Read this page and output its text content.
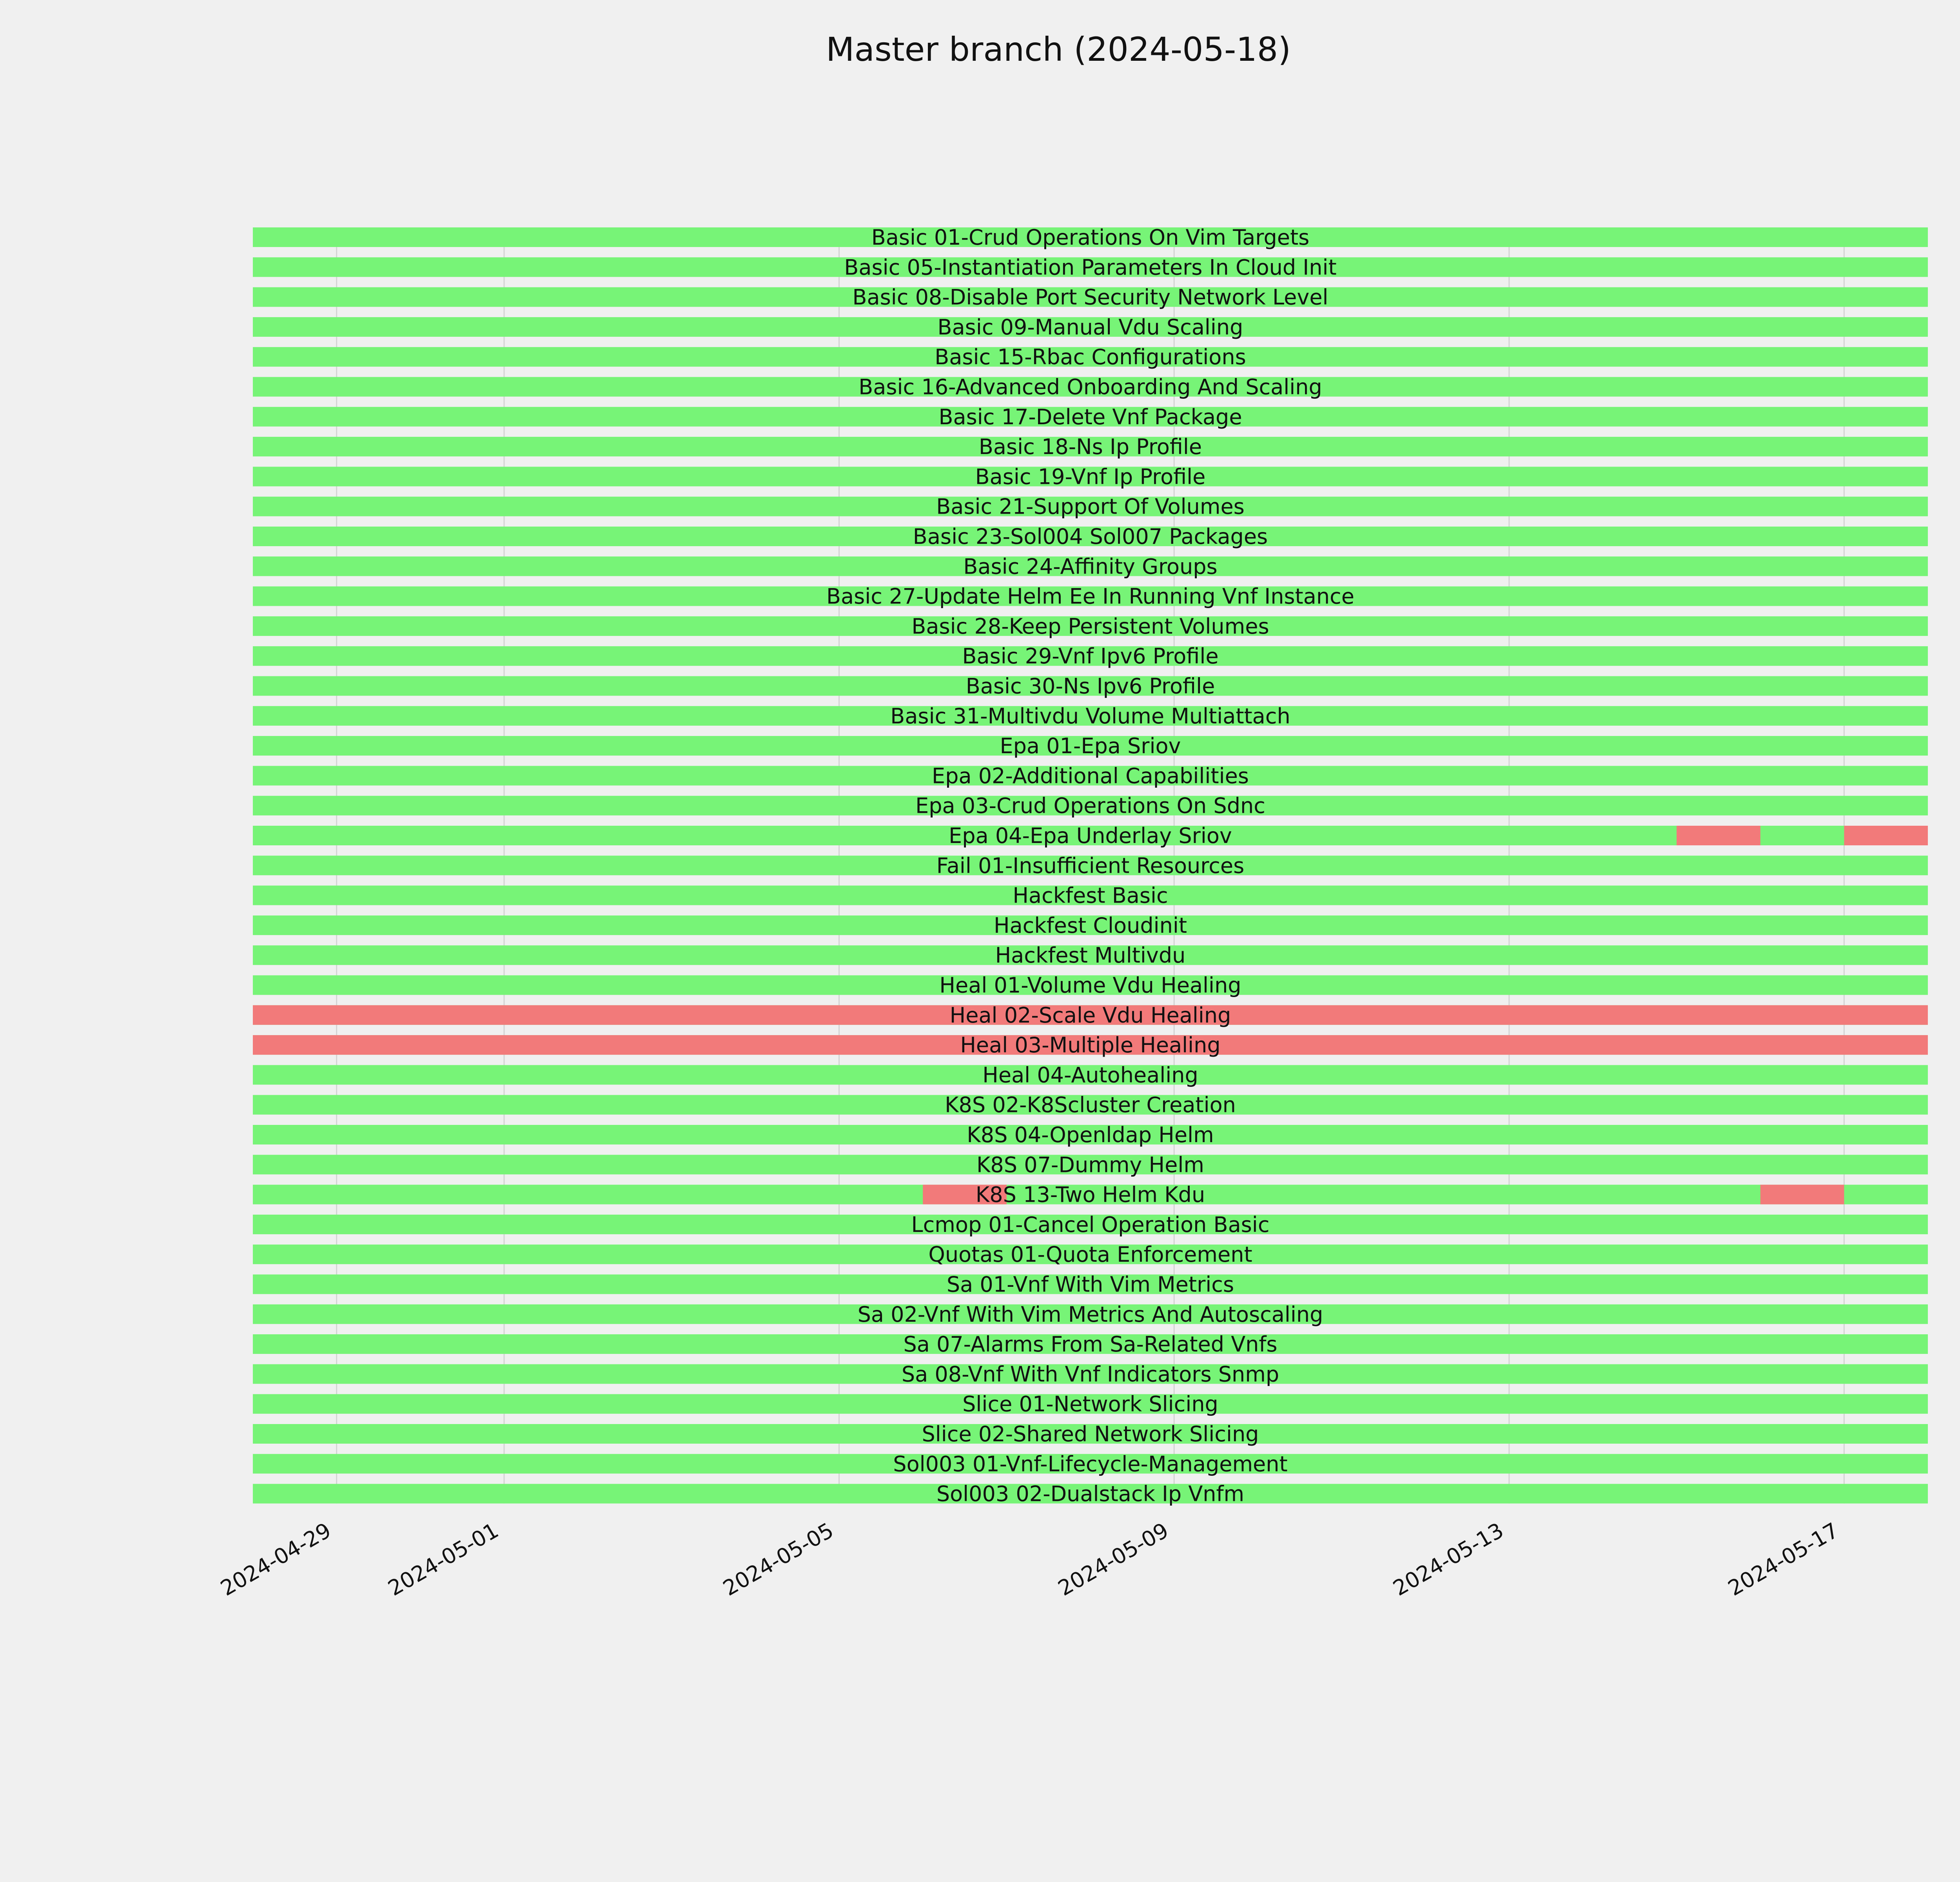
Master branch (2024-05-18)
Basic 01-Crud Operations On Vim Targets
Basic 05-Instantiation Parameters In Cloud Init
Basic 08-Disable Port Security Network Level
Basic 09-Manual Vdu Scaling
Basic 15-Rbac Configurations
Basic 16-Advanced Onboarding And Scaling
Basic 17-Delete Vnf Package
Basic 18-Ns Ip Profile
Basic 19-Vnf Ip Profile
Basic 21-Support Of Volumes
Basic 23-Sol004 Sol007 Packages
Basic 24-Affinity Groups
Basic 27-Update Helm Ee In Running Vnf Instance
Basic 28-Keep Persistent Volumes
Basic 29-Vnf Ipv6 Profile
Basic 30-Ns Ipv6 Profile
Basic 31-Multivdu Volume Multiattach
Epa 01-Epa Sriov
Epa 02-Additional Capabilities
Epa 03-Crud Operations On Sdnc
Epa 04-Epa Underlay Sriov
Fail 01-Insufficient Resources
Hackfest Basic
Hackfest Cloudinit
Hackfest Multivdu
Heal 01-Volume Vdu Healing
Heal 02-Scale Vdu Healing
Heal 03-Multiple Healing
Heal 04-Autohealing
K8S 02-K8Scluster Creation
K8S 04-Openldap Helm
K8S 07-Dummy Helm
K8S 13-Two Helm Kdu
Lcmop 01-Cancel Operation Basic
Quotas 01-Quota Enforcement
Sa 01-Vnf With Vim Metrics
Sa 02-Vnf With Vim Metrics And Autoscaling
Sa 07-Alarms From Sa-Related Vnfs
Sa 08-Vnf With Vnf Indicators Snmp
Slice 01-Network Slicing
Slice 02-Shared Network Slicing
Sol003 01-Vnf-Lifecycle-Management
Sol003 02-Dualstack Ip Vnfm
2024-04-29 2024-05-01	2024-05-05	2024-05-09	2024-05-13	2024-05-17
